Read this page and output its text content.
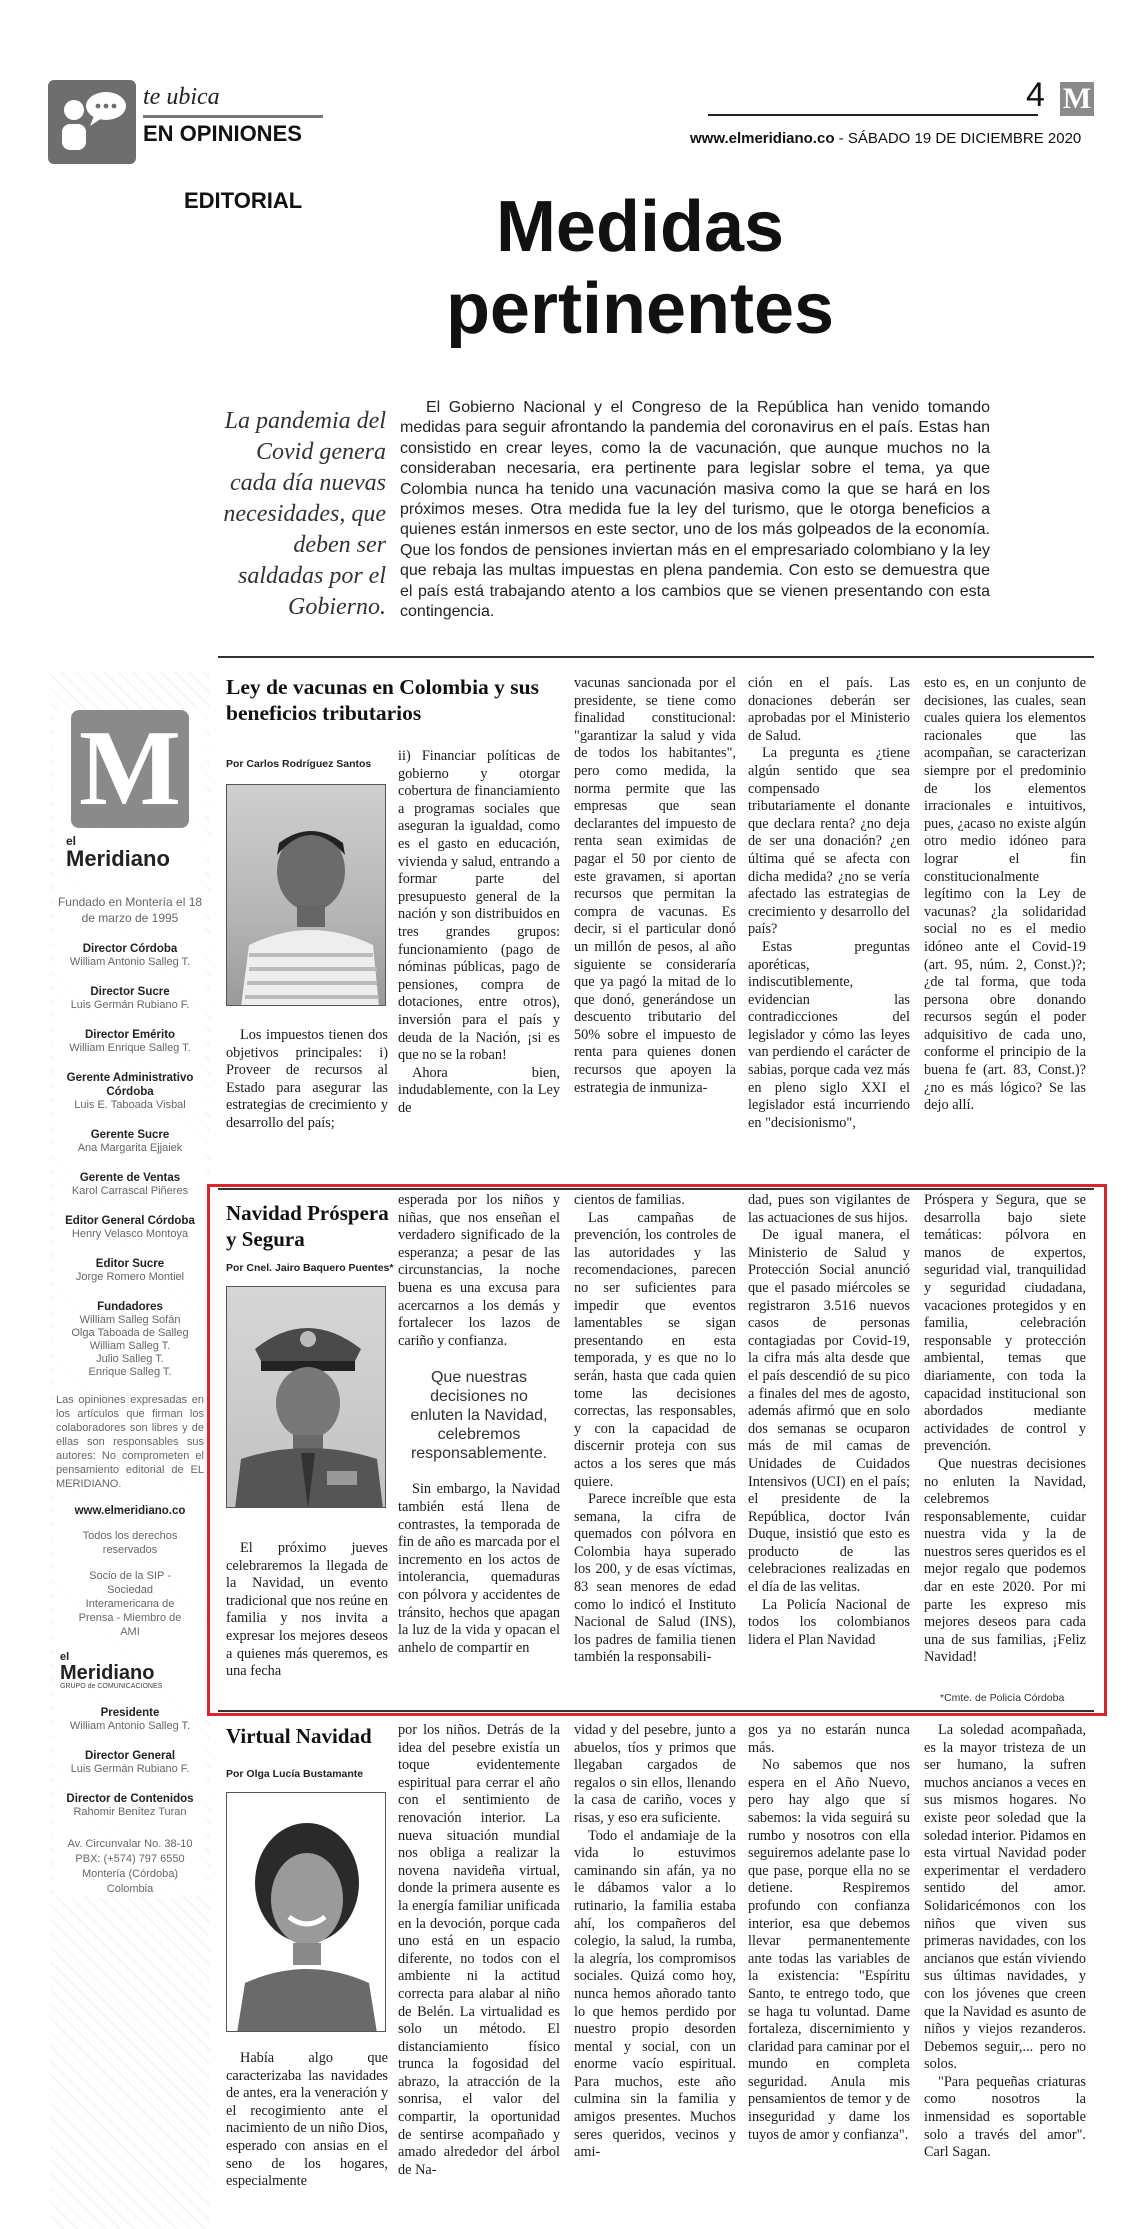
te ubica
EN OPINIONES
4 M
www.elmeridiano.co - SÁBADO 19 DE DICIEMBRE 2020
EDITORIAL	Medidas
pertinentes
La pandemia del Covid genera cada día nuevas necesidades, que deben ser saldadas por el Gobierno.
El Gobierno Nacional y el Congreso de la República han venido tomando medidas para seguir afrontando la pandemia del coronavirus en el país. Estas han consistido en crear leyes, como la de vacunación, que aunque muchos no la consideraban necesaria, era pertinente para legislar sobre el tema, ya que Colombia nunca ha tenido una vacunación masiva como la que se hará en los próximos meses. Otra medida fue la ley del turismo, que le otorga beneficios a quienes están inmersos en este sector, uno de los más golpeados de la economía. Que los fondos de pensiones inviertan más en el empresariado colombiano y la ley que rebaja las multas impuestas en plena pandemia. Con esto se demuestra que el país está trabajando atento a los cambios que se vienen presentando con esta contingencia.
M
el
Meridiano
Fundado en Montería el 18 de marzo de 1995
Director Córdoba
William Antonio Salleg T.
Director Sucre
Luis Germán Rubiano F.
Director Emérito
William Enrique Salleg T.
Gerente Administrativo Córdoba
Luis E. Taboada Visbal
Gerente Sucre
Ana Margarita Ejjaiek
Gerente de Ventas
Karol Carrascal Piñeres
Editor General Córdoba
Henry Velasco Montoya
Editor Sucre
Jorge Romero Montiel
Fundadores
William Salleg Sofán
Olga Taboada de Salleg
William Salleg T.
Julio Salleg T.
Enrique Salleg T.
Las opiniones expresadas en los artículos que firman los colaboradores son libres y de ellas son responsables sus autores: No comprometen el pensamiento editorial de EL MERIDIANO.
www.elmeridiano.co
Todos los derechos reservados
Socio de la SIP - Sociedad Interamericana de Prensa - Miembro de AMI
el
Meridiano
GRUPO de COMUNICACIONES
Presidente
William Antonio Salleg T.
Director General
Luis Germán Rubiano F.
Director de Contenidos
Rahomir Benítez Turan
Av. Circunvalar No. 38-10 PBX: (+574) 797 6550 Montería (Córdoba) Colombia
Ley de vacunas en Colombia y sus beneficios tributarios
Por Carlos Rodríguez Santos

Los impuestos tienen dos objetivos principales: i) Proveer de recursos al Estado para asegurar las estrategias de crecimiento y desarrollo del país;

ii) Financiar políticas de gobierno y otorgar cobertura de financiamiento a programas sociales que aseguran la igualdad, como es el gasto en educación, vivienda y salud, entrando a formar parte del presupuesto general de la nación y son distribuidos en tres grandes grupos: funcionamiento (pago de nóminas públicas, pago de pensiones, compra de dotaciones, entre otros), inversión para el país y deuda de la Nación, ¡si es que no se la roban!

Ahora bien, indudablemente, con la Ley de

vacunas sancionada por el presidente, se tiene como finalidad constitucional: "garantizar la salud y vida de todos los habitantes", pero como medida, la norma permite que las empresas que sean declarantes del impuesto de renta sean eximidas de pagar el 50 por ciento de este gravamen, si aportan recursos que permitan la compra de vacunas. Es decir, si el particular donó un millón de pesos, al año siguiente se consideraría que ya pagó la mitad de lo que donó, generándose un descuento tributario del 50% sobre el impuesto de renta para quienes donen recursos que apoyen la estrategia de inmuniza-

ción en el país. Las donaciones deberán ser aprobadas por el Ministerio de Salud.

La pregunta es ¿tiene algún sentido que sea compensado tributariamente el donante que declara renta? ¿no deja de ser una donación? ¿en última qué se afecta con dicha medida? ¿no se vería afectado las estrategias de crecimiento y desarrollo del país?

Estas preguntas aporéticas, indiscutiblemente, evidencian las contradicciones del legislador y cómo las leyes van perdiendo el carácter de sabias, porque cada vez más en pleno siglo XXI el legislador está incurriendo en "decisionismo",

esto es, en un conjunto de decisiones, las cuales, sean cuales quiera los elementos racionales que las acompañan, se caracterizan siempre por el predominio de los elementos irracionales e intuitivos, pues, ¿acaso no existe algún otro medio idóneo para lograr el fin constitucionalmente legítimo con la Ley de vacunas? ¿la solidaridad social no es el medio idóneo ante el Covid-19 (art. 95, núm. 2, Const.)?; ¿de tal forma, que toda persona obre donando recursos según el poder adquisitivo de cada uno, conforme el principio de la buena fe (art. 83, Const.)? ¿no es más lógico? Se las dejo allí.

Navidad Próspera y Segura
Por Cnel. Jairo Baquero Puentes*

El próximo jueves celebraremos la llegada de la Navidad, un evento tradicional que nos reúne en familia y nos invita a expresar los mejores deseos a quienes más queremos, es una fecha

esperada por los niños y niñas, que nos enseñan el verdadero significado de la esperanza; a pesar de las circunstancias, la noche buena es una excusa para acercarnos a los demás y fortalecer los lazos de cariño y confianza.

Que nuestras decisiones no enluten la Navidad, celebremos responsablemente.

Sin embargo, la Navidad también está llena de contrastes, la temporada de fin de año es marcada por el incremento en los actos de intolerancia, quemaduras con pólvora y accidentes de tránsito, hechos que apagan la luz de la vida y opacan el anhelo de compartir en

cientos de familias.

Las campañas de prevención, los controles de las autoridades y las recomendaciones, parecen no ser suficientes para impedir que eventos lamentables se sigan presentando en esta temporada, y es que no lo serán, hasta que cada quien tome las decisiones correctas, las responsables, y con la capacidad de discernir proteja con sus actos a los seres que más quiere.

Parece increíble que esta semana, la cifra de quemados con pólvora en Colombia haya superado los 200, y de esas víctimas, 83 sean menores de edad como lo indicó el Instituto Nacional de Salud (INS), los padres de familia tienen también la responsabili-

dad, pues son vigilantes de las actuaciones de sus hijos.

De igual manera, el Ministerio de Salud y Protección Social anunció que el pasado miércoles se registraron 3.516 nuevos casos de personas contagiadas por Covid-19, la cifra más alta desde que el país descendió de su pico a finales del mes de agosto, además afirmó que en solo dos semanas se ocuparon más de mil camas de Unidades de Cuidados Intensivos (UCI) en el país; el presidente de la República, doctor Iván Duque, insistió que esto es producto de las celebraciones realizadas en el día de las velitas.

La Policía Nacional de todos los colombianos lidera el Plan Navidad

Próspera y Segura, que se desarrolla bajo siete temáticas: pólvora en manos de expertos, seguridad vial, tranquilidad y seguridad ciudadana, vacaciones protegidos y en familia, celebración responsable y protección ambiental, temas que diariamente, con toda la capacidad institucional son abordados mediante actividades de control y prevención.

Que nuestras decisiones no enluten la Navidad, celebremos responsablemente, cuidar nuestra vida y la de nuestros seres queridos es el mejor regalo que podemos dar en este 2020. Por mi parte les expreso mis mejores deseos para cada una de sus familias, ¡Feliz Navidad!

*Cmte. de Policía Córdoba
Virtual Navidad
Por Olga Lucía Bustamante

Había algo que caracterizaba las navidades de antes, era la veneración y el recogimiento ante el nacimiento de un niño Dios, esperado con ansias en el seno de los hogares, especialmente

por los niños. Detrás de la idea del pesebre existía un toque evidentemente espiritual para cerrar el año con el sentimiento de renovación interior. La nueva situación mundial nos obliga a realizar la novena navideña virtual, donde la primera ausente es la energía familiar unificada en la devoción, porque cada uno está en un espacio diferente, no todos con el ambiente ni la actitud correcta para alabar al niño de Belén. La virtualidad es solo un método. El distanciamiento físico trunca la fogosidad del abrazo, la atracción de la sonrisa, el valor del compartir, la oportunidad de sentirse acompañado y amado alrededor del árbol de Na-

vidad y del pesebre, junto a abuelos, tíos y primos que llegaban cargados de regalos o sin ellos, llenando la casa de cariño, voces y risas, y eso era suficiente.

Todo el andamiaje de la vida lo estuvimos caminando sin afán, ya no le dábamos valor a lo rutinario, la familia estaba ahí, los compañeros del colegio, la salud, la rumba, la alegría, los compromisos sociales. Quizá como hoy, nunca hemos añorado tanto lo que hemos perdido por nuestro propio desorden mental y social, con un enorme vacío espiritual. Para muchos, este año culmina sin la familia y amigos presentes. Muchos seres queridos, vecinos y ami-

gos ya no estarán nunca más.

No sabemos que nos espera en el Año Nuevo, pero hay algo que sí sabemos: la vida seguirá su rumbo y nosotros con ella seguiremos adelante pase lo que pase, porque ella no se detiene. Respiremos profundo con confianza interior, esa que debemos llevar permanentemente ante todas las variables de la existencia: "Espíritu Santo, te entrego todo, que se haga tu voluntad. Dame fortaleza, discernimiento y claridad para caminar por el mundo en completa seguridad. Anula mis pensamientos de temor y de inseguridad y dame los tuyos de amor y confianza".

La soledad acompañada, es la mayor tristeza de un ser humano, la sufren muchos ancianos a veces en sus mismos hogares. No existe peor soledad que la soledad interior. Pidamos en esta virtual Navidad poder experimentar el verdadero sentido del amor. Solidaricémonos con los niños que viven sus primeras navidades, con los ancianos que están viviendo sus últimas navidades, y con los jóvenes que creen que la Navidad es asunto de niños y viejos rezanderos. Debemos seguir,... pero no solos.

"Para pequeñas criaturas como nosotros la inmensidad es soportable solo a través del amor". Carl Sagan.
